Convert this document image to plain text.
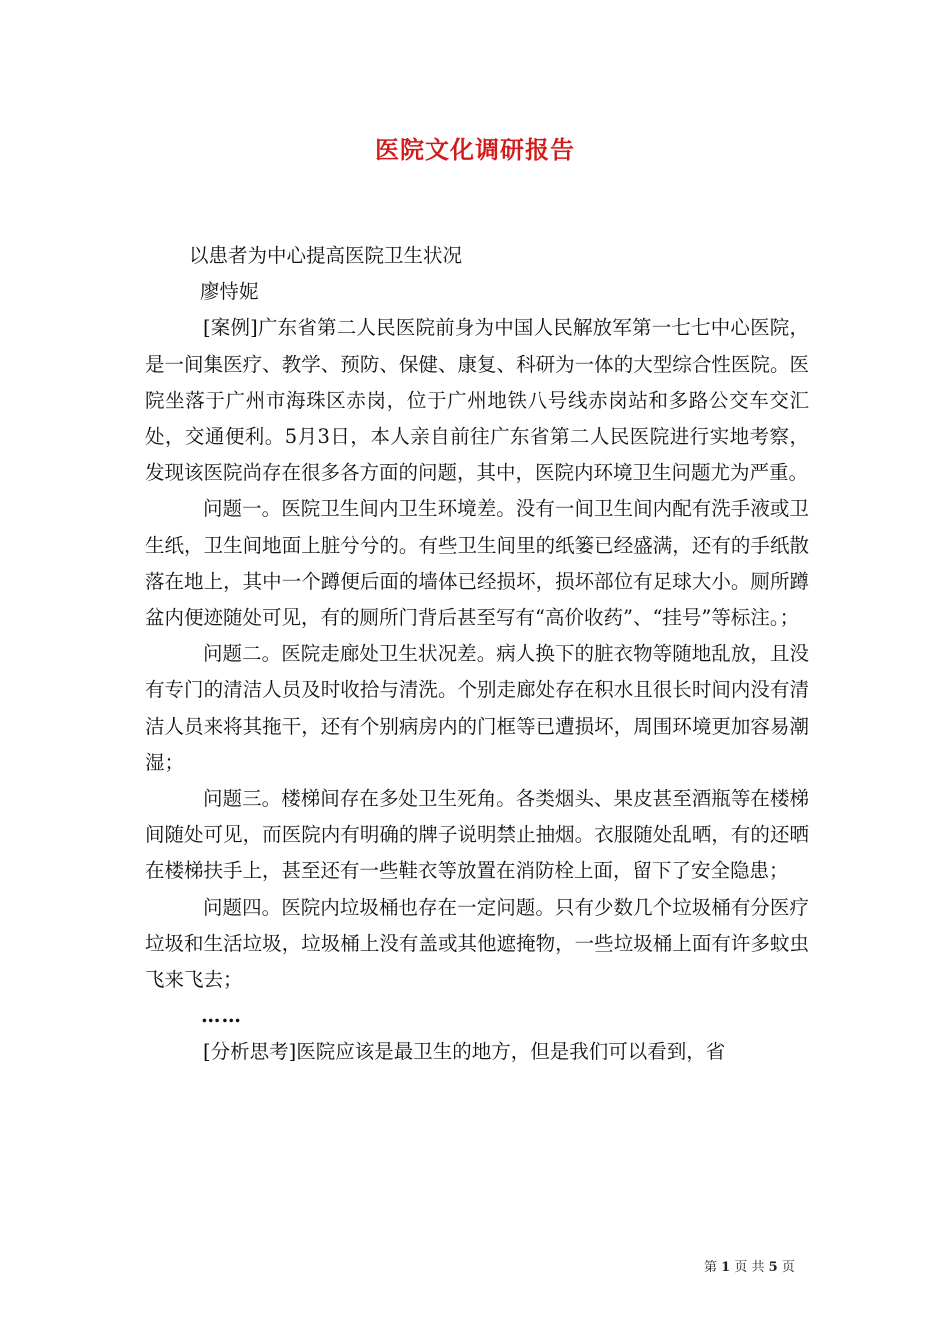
医院文化调研报告
以患者为中心提高医院卫生状况
廖恃妮

[案例]广东省第二人民医院前身为中国人民解放军第一七七中心医院，是一间集医疗、教学、预防、保健、康复、科研为一体的大型综合性医院。医院坐落于广州市海珠区赤岗，位于广州地铁八号线赤岗站和多路公交车交汇处，交通便利。5月3日，本人亲自前往广东省第二人民医院进行实地考察，发现该医院尚存在很多各方面的问题，其中，医院内环境卫生问题尤为严重。

问题一。医院卫生间内卫生环境差。没有一间卫生间内配有洗手液或卫生纸，卫生间地面上脏兮兮的。有些卫生间里的纸篓已经盛满，还有的手纸散落在地上，其中一个蹲便后面的墙体已经损坏，损坏部位有足球大小。厕所蹲盆内便迹随处可见，有的厕所门背后甚至写有“高价收药”、“挂号”等标注。；

问题二。医院走廊处卫生状况差。病人换下的脏衣物等随地乱放，且没有专门的清洁人员及时收拾与清洗。个别走廊处存在积水且很长时间内没有清洁人员来将其拖干，还有个别病房内的门框等已遭损坏，周围环境更加容易潮湿；

问题三。楼梯间存在多处卫生死角。各类烟头、果皮甚至酒瓶等在楼梯间随处可见，而医院内有明确的牌子说明禁止抽烟。衣服随处乱晒，有的还晒在楼梯扶手上，甚至还有一些鞋衣等放置在消防栓上面，留下了安全隐患；

问题四。医院内垃圾桶也存在一定问题。只有少数几个垃圾桶有分医疗垃圾和生活垃圾，垃圾桶上没有盖或其他遮掩物，一些垃圾桶上面有许多蚊虫飞来飞去；

……

[分析思考]医院应该是最卫生的地方，但是我们可以看到，省

第 1 页 共 5 页
